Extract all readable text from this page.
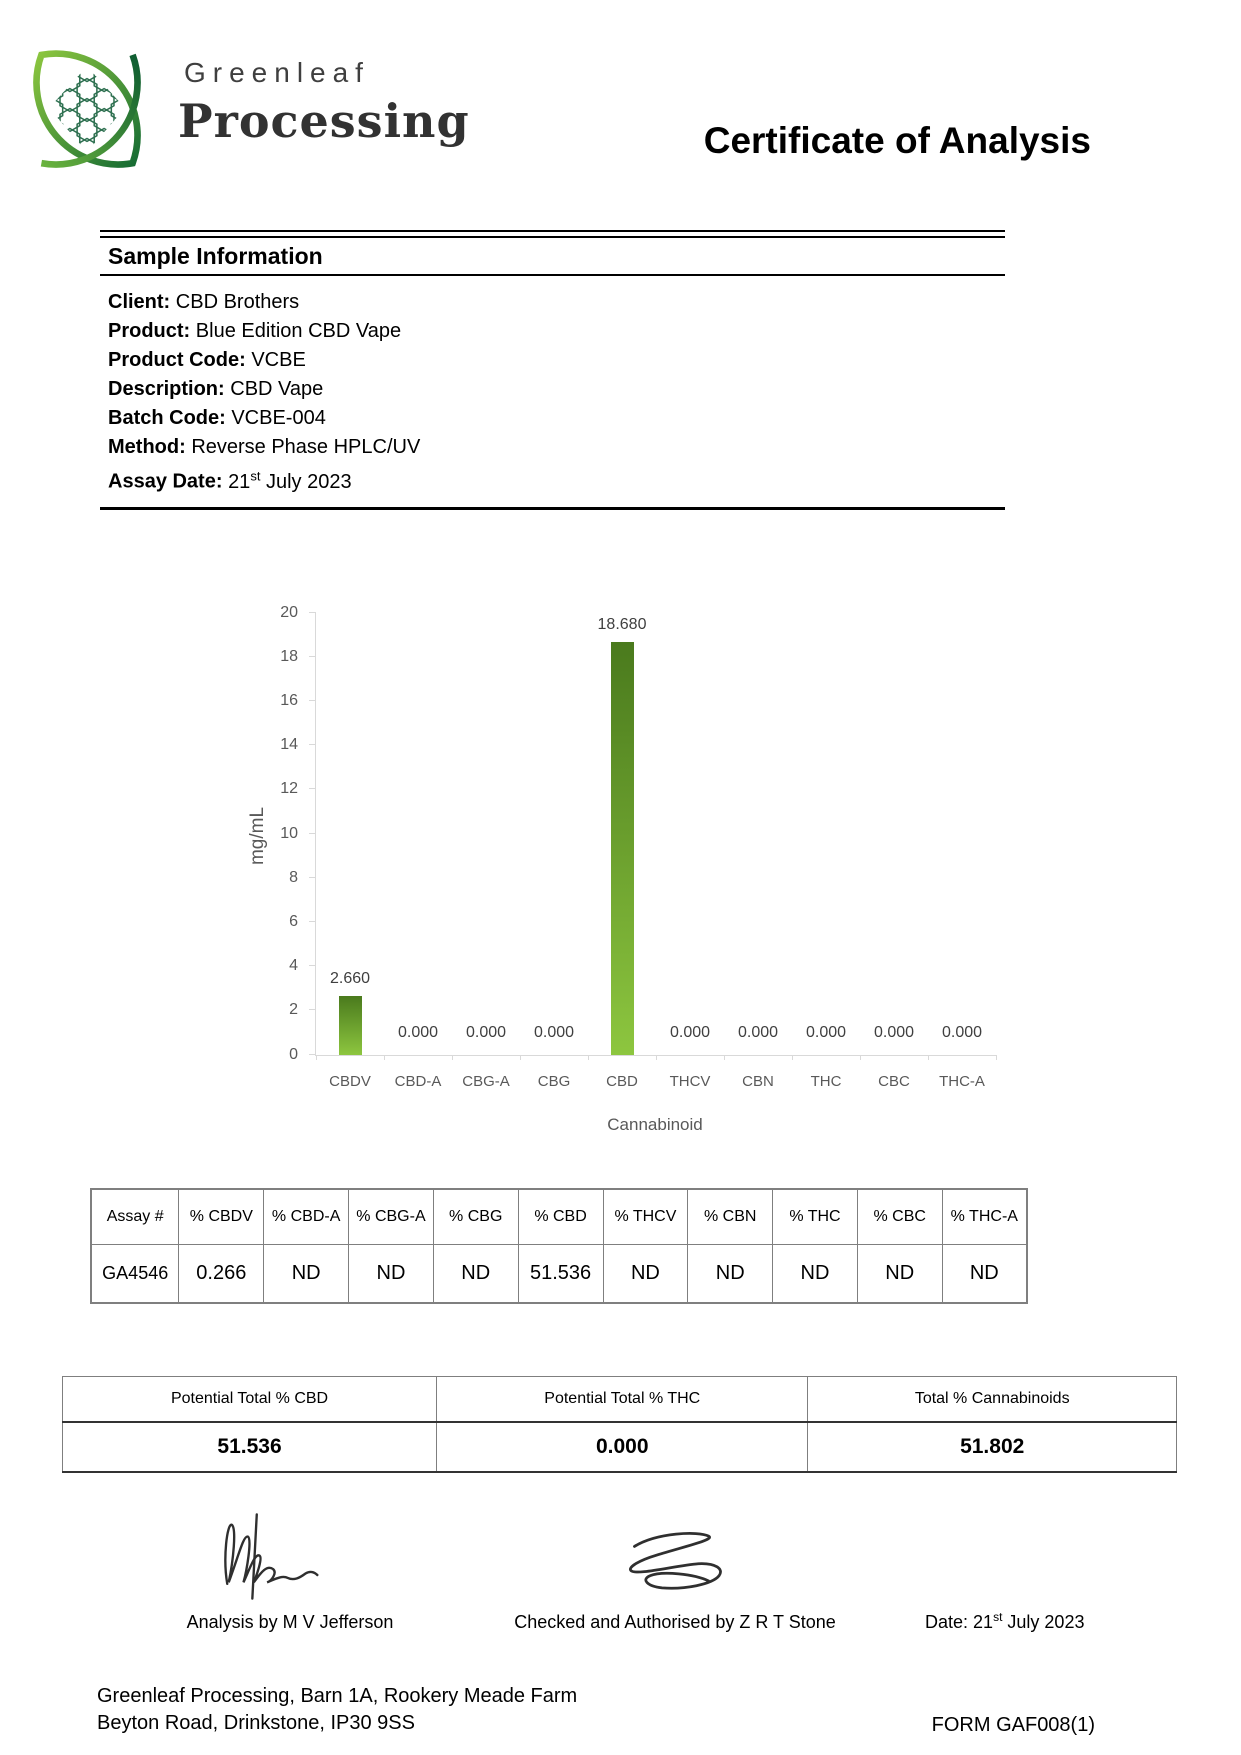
Greenleaf
Processing	Certificate of Analysis
Sample Information
Client: CBD Brothers
Product: Blue Edition CBD Vape
Product Code: VCBE
Description: CBD Vape
Batch Code: VCBE-004
Method: Reverse Phase HPLC/UV
Assay Date: 21st July 2023
mg/mL
0
2
4
6
8
10
12
14
16
18
20
2.660
CBDV
0.000
CBD-A
0.000
CBG-A
0.000
CBG
18.680
CBD
0.000
THCV
0.000
CBN
0.000
THC
0.000
CBC
0.000
THC-A
Cannabinoid
Assay #	% CBDV	% CBD-A	% CBG-A	% CBG	% CBD	% THCV	% CBN	% THC	% CBC	% THC-A
GA4546	0.266	ND	ND	ND	51.536	ND	ND	ND	ND	ND
Potential Total % CBD	Potential Total % THC	Total % Cannabinoids
51.536	0.000	51.802
Analysis by M V Jefferson	Checked and Authorised by Z R T Stone	Date: 21st July 2023
Greenleaf Processing, Barn 1A, Rookery Meade Farm
Beyton Road, Drinkstone, IP30 9SS	FORM GAF008(1)
